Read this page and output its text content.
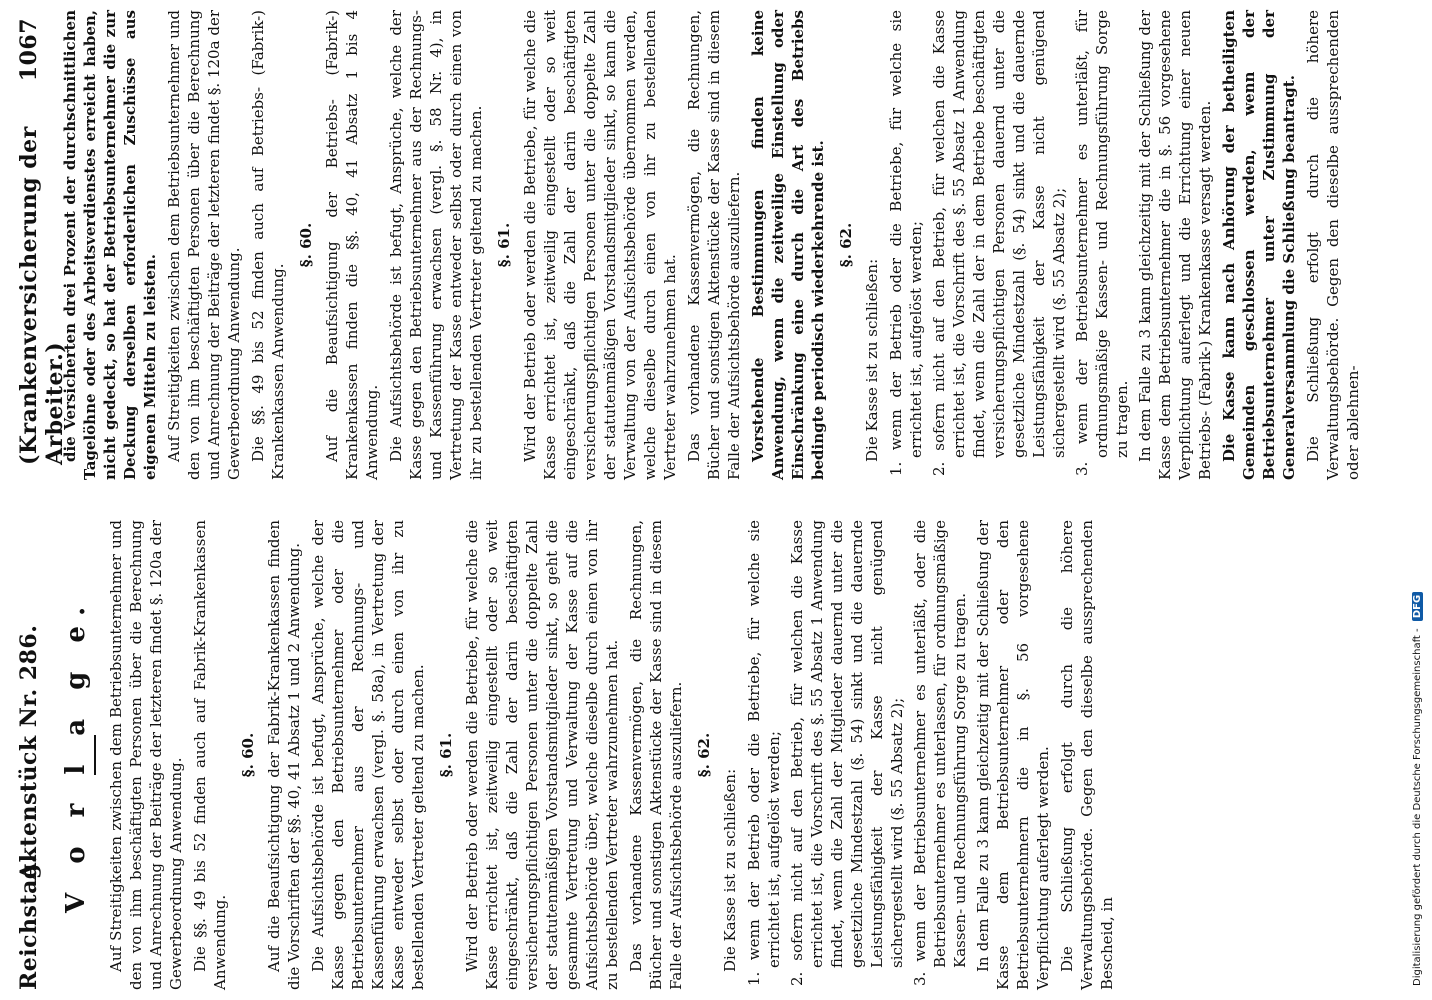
Reichstag.
Aktenstück Nr. 286.
(Krankenversicherung der Arbeiter.)
1067
V o r l a g e. Auf Streitigkeiten zwischen dem Betriebsunternehmer und den von ihm beschäftigten Personen über die Berechnung und Anrechnung der Beiträge der letzteren findet §. 120a der Gewerbeordnung Anwendung. Die §§. 49 bis 52 finden auch auf Fabrik-Krankenkassen Anwendung.

§. 60. Auf die Beaufsichtigung der Fabrik-Krankenkassen finden die Vorschriften der §§. 40, 41 Absatz 1 und 2 Anwendung. Die Aufsichtsbehörde ist befugt, Ansprüche, welche der Kasse gegen den Betriebsunternehmer oder die Betriebsunternehmer aus der Rechnungs- und Kassenführung erwachsen (vergl. §. 58a), in Vertretung der Kasse entweder selbst oder durch einen von ihr zu bestellenden Vertreter geltend zu machen. §. 61. Wird der Betrieb oder werden die Betriebe, für welche die Kasse errichtet ist, zeitweilig eingestellt oder so weit eingeschränkt, daß die Zahl der darin beschäftigten versicherungspflichtigen Personen unter die doppelte Zahl der statutenmäßigen Vorstandsmitglieder sinkt, so geht die gesammte Vertretung und Verwaltung der Kasse auf die Aufsichtsbehörde über, welche dieselbe durch einen von ihr zu bestellenden Vertreter wahrzunehmen hat. Das vorhandene Kassenvermögen, die Rechnungen, Bücher und sonstigen Aktenstücke der Kasse sind in diesem Falle der Aufsichtsbehörde auszuliefern. §. 62.

Die Kasse ist zu schließen: 1. wenn der Betrieb oder die Betriebe, für welche sie errichtet ist, aufgelöst werden; 2. sofern nicht auf den Betrieb, für welchen die Kasse errichtet ist, die Vorschrift des §. 55 Absatz 1 Anwendung findet, wenn die Zahl der Mitglieder dauernd unter die gesetzliche Mindestzahl (§. 54) sinkt und die dauernde Leistungsfähigkeit der Kasse nicht genügend sichergestellt wird (§. 55 Absatz 2); 3. wenn der Betriebsunternehmer es unterläßt, oder die Betriebsunternehmer es unterlassen, für ordnungsmäßige Kassen- und Rechnungsführung Sorge zu tragen. In dem Falle zu 3 kann gleichzeitig mit der Schließung der Kasse dem Betriebsunternehmer oder den Betriebsunternehmern die in §. 56 vorgesehene Verpflichtung auferlegt werden. Die Schließung erfolgt durch die höhere Verwaltungsbehörde. Gegen den dieselbe aussprechenden Bescheid, in

die Versicherten drei Prozent der durchschnittlichen Tagelöhne oder des Arbeitsverdienstes erreicht haben, nicht gedeckt, so hat der Betriebsunternehmer die zur Deckung derselben erforderlichen Zuschüsse aus eigenen Mitteln zu leisten. Auf Streitigkeiten zwischen dem Betriebsunternehmer und den von ihm beschäftigten Personen über die Berechnung und Anrechnung der Beiträge der letzteren findet §. 120a der Gewerbeordnung Anwendung. Die §§. 49 bis 52 finden auch auf Betriebs- (Fabrik-) Krankenkassen Anwendung.

§. 60. Auf die Beaufsichtigung der Betriebs- (Fabrik-) Krankenkassen finden die §§. 40, 41 Absatz 1 bis 4 Anwendung. Die Aufsichtsbehörde ist befugt, Ansprüche, welche der Kasse gegen den Betriebsunternehmer aus der Rechnungs- und Kassenführung erwachsen (vergl. §. 58 Nr. 4), in Vertretung der Kasse entweder selbst oder durch einen von ihr zu bestellenden Vertreter geltend zu machen. §. 61. Wird der Betrieb oder werden die Betriebe, für welche die Kasse errichtet ist, zeitweilig eingestellt oder so weit eingeschränkt, daß die Zahl der darin beschäftigten versicherungspflichtigen Personen unter die doppelte Zahl der statutenmäßigen Vorstandsmitglieder sinkt, so kann die Verwaltung von der Aufsichtsbehörde übernommen werden, welche dieselbe durch einen von ihr zu bestellenden Vertreter wahrzunehmen hat. Das vorhandene Kassenvermögen, die Rechnungen, Bücher und sonstigen Aktenstücke der Kasse sind in diesem Falle der Aufsichtsbehörde auszuliefern. Vorstehende Bestimmungen finden keine Anwendung, wenn die zeitweilige Einstellung oder Einschränkung eine durch die Art des Betriebs bedingte periodisch wiederkehrende ist. §. 62.

Die Kasse ist zu schließen: 1. wenn der Betrieb oder die Betriebe, für welche sie errichtet ist, aufgelöst werden; 2. sofern nicht auf den Betrieb, für welchen die Kasse errichtet ist, die Vorschrift des §. 55 Absatz 1 Anwendung findet, wenn die Zahl der in dem Betriebe beschäftigten versicherungspflichtigen Personen dauernd unter die gesetzliche Mindestzahl (§. 54) sinkt und die dauernde Leistungsfähigkeit der Kasse nicht genügend sichergestellt wird (§. 55 Absatz 2); 3. wenn der Betriebsunternehmer es unterläßt, für ordnungsmäßige Kassen- und Rechnungsführung Sorge zu tragen. In dem Falle zu 3 kann gleichzeitig mit der Schließung der Kasse dem Betriebsunternehmer die in §. 56 vorgesehene Verpflichtung auferlegt und die Errichtung einer neuen Betriebs- (Fabrik-) Krankenkasse versagt werden. Die Kasse kann nach Anhörung der betheiligten Gemeinden geschlossen werden, wenn der Betriebsunternehmer unter Zustimmung der Generalversammlung die Schließung beantragt. Die Schließung erfolgt durch die höhere Verwaltungsbehörde. Gegen den dieselbe aussprechenden oder ablehnen-

Digitalisierung gefördert durch die Deutsche Forschungsgemeinschaft - DFG
